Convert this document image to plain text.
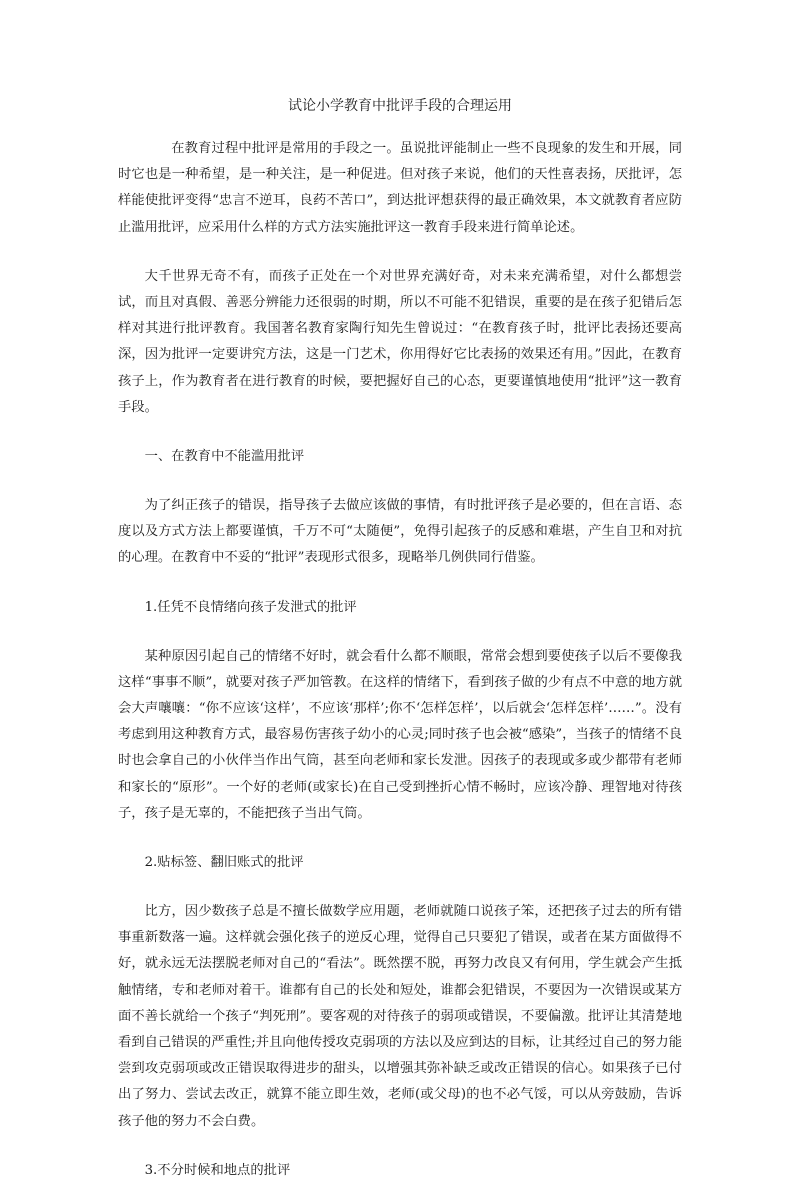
试论小学教育中批评手段的合理运用

在教育过程中批评是常用的手段之一。虽说批评能制止一些不良现象的发生和开展，同时它也是一种希望，是一种关注，是一种促进。但对孩子来说，他们的天性喜表扬，厌批评，怎样能使批评变得“忠言不逆耳，良药不苦口”，到达批评想获得的最正确效果，本文就教育者应防止滥用批评，应采用什么样的方式方法实施批评这一教育手段来进行简单论述。

大千世界无奇不有，而孩子正处在一个对世界充满好奇，对未来充满希望，对什么都想尝试，而且对真假、善恶分辨能力还很弱的时期，所以不可能不犯错误，重要的是在孩子犯错后怎样对其进行批评教育。我国著名教育家陶行知先生曾说过：“在教育孩子时，批评比表扬还要高深，因为批评一定要讲究方法，这是一门艺术，你用得好它比表扬的效果还有用。”因此，在教育孩子上，作为教育者在进行教育的时候，要把握好自己的心态，更要谨慎地使用“批评”这一教育手段。

一、在教育中不能滥用批评

为了纠正孩子的错误，指导孩子去做应该做的事情，有时批评孩子是必要的，但在言语、态度以及方式方法上都要谨慎，千万不可“太随便”，免得引起孩子的反感和难堪，产生自卫和对抗的心理。在教育中不妥的“批评”表现形式很多，现略举几例供同行借鉴。

1.任凭不良情绪向孩子发泄式的批评

某种原因引起自己的情绪不好时，就会看什么都不顺眼，常常会想到要使孩子以后不要像我这样“事事不顺”，就要对孩子严加管教。在这样的情绪下，看到孩子做的少有点不中意的地方就会大声嚷嚷：“你不应该‘这样’，不应该‘那样’;你不‘怎样怎样’，以后就会‘怎样怎样’……”。没有考虑到用这种教育方式，最容易伤害孩子幼小的心灵;同时孩子也会被“感染”，当孩子的情绪不良时也会拿自己的小伙伴当作出气筒，甚至向老师和家长发泄。因孩子的表现或多或少都带有老师和家长的“原形”。一个好的老师(或家长)在自己受到挫折心情不畅时，应该冷静、理智地对待孩子，孩子是无辜的，不能把孩子当出气筒。

2.贴标签、翻旧账式的批评

比方，因少数孩子总是不擅长做数学应用题，老师就随口说孩子笨，还把孩子过去的所有错事重新数落一遍。这样就会强化孩子的逆反心理，觉得自己只要犯了错误，或者在某方面做得不好，就永远无法摆脱老师对自己的“看法”。既然摆不脱，再努力改良又有何用，学生就会产生抵触情绪，专和老师对着干。谁都有自己的长处和短处，谁都会犯错误，不要因为一次错误或某方面不善长就给一个孩子“判死刑”。要客观的对待孩子的弱项或错误，不要偏激。批评让其清楚地看到自己错误的严重性;并且向他传授攻克弱项的方法以及应到达的目标，让其经过自己的努力能尝到攻克弱项或改正错误取得进步的甜头，以增强其弥补缺乏或改正错误的信心。如果孩子已付出了努力、尝试去改正，就算不能立即生效，老师(或父母)的也不必气馁，可以从旁鼓励，告诉孩子他的努力不会白费。

3.不分时候和地点的批评
